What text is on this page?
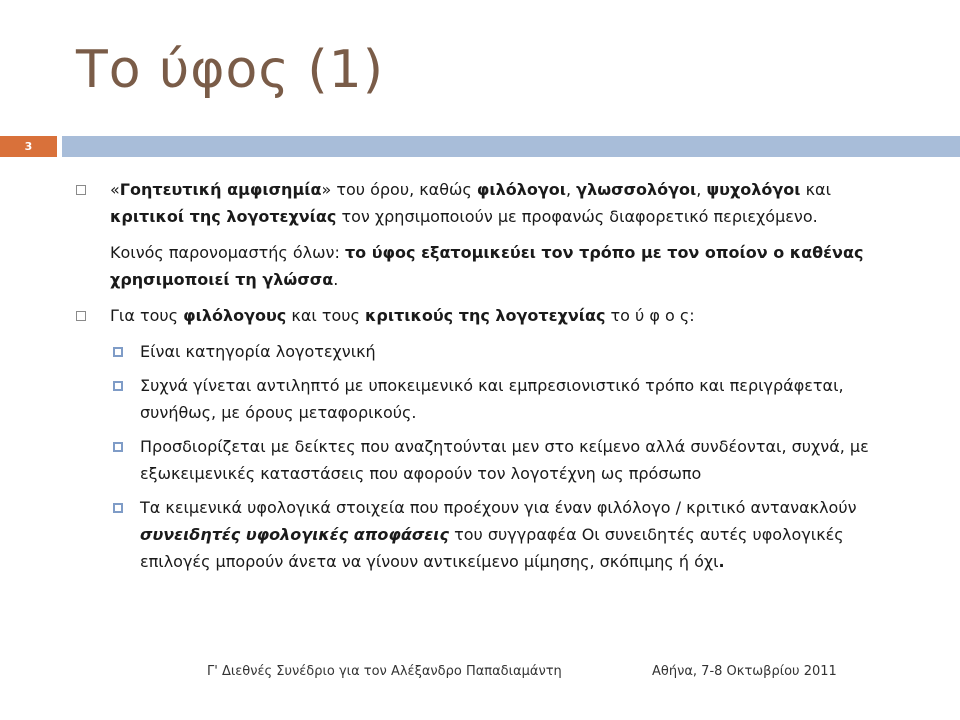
Το ύφος (1)
3
«Γοητευτική αμφισημία» του όρου, καθώς φιλόλογοι, γλωσσολόγοι, ψυχολόγοι και κριτικοί της λογοτεχνίας τον χρησιμοποιούν με προφανώς διαφορετικό περιεχόμενο.
Κοινός παρονομαστής όλων: το ύφος εξατομικεύει τον τρόπο με τον οποίον ο καθένας χρησιμοποιεί τη γλώσσα.
Για τους φιλόλογους και τους κριτικούς της λογοτεχνίας το ύ φ ο ς:
Είναι κατηγορία λογοτεχνική
Συχνά γίνεται αντιληπτό με υποκειμενικό και εμπρεσιονιστικό τρόπο και περιγράφεται, συνήθως, με όρους μεταφορικούς.
Προσδιορίζεται με δείκτες που αναζητούνται μεν στο κείμενο αλλά συνδέονται, συχνά, με εξωκειμενικές καταστάσεις που αφορούν τον λογοτέχνη ως πρόσωπο
Τα κειμενικά υφολογικά στοιχεία που προέχουν για έναν φιλόλογο / κριτικό αντανακλούν συνειδητές υφολογικές αποφάσεις του συγγραφέα Οι συνειδητές αυτές υφολογικές επιλογές μπορούν άνετα να γίνουν αντικείμενο μίμησης, σκόπιμης ή όχι.
Γ' Διεθνές Συνέδριο για τον Αλέξανδρο Παπαδιαμάντη	Αθήνα, 7-8 Οκτωβρίου 2011
